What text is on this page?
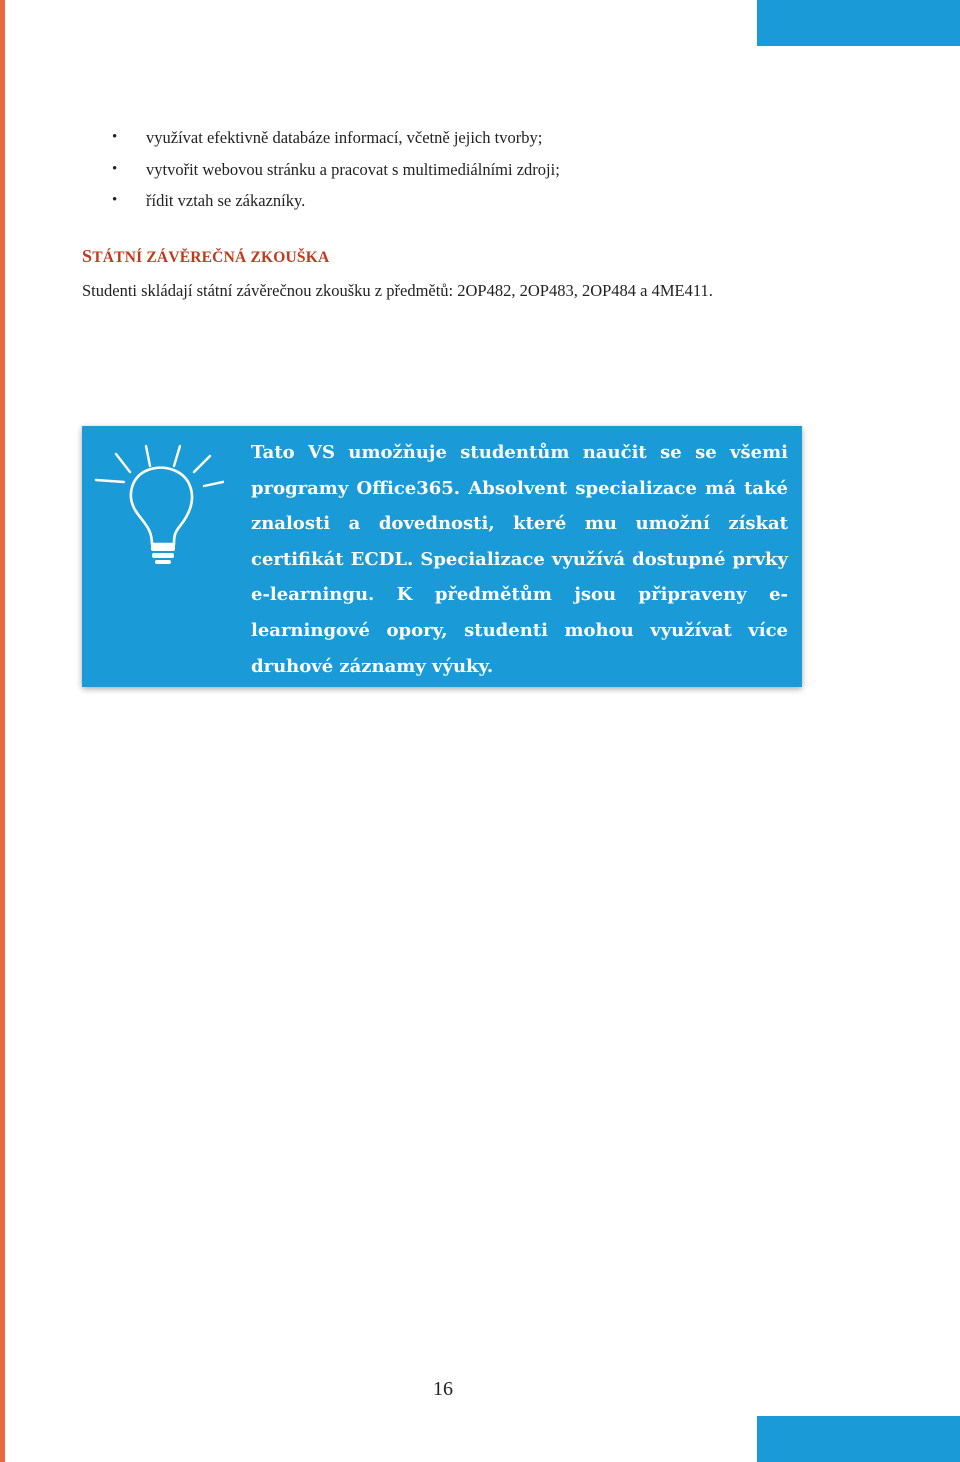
• využívat efektivně databáze informací, včetně jejich tvorby;
• vytvořit webovou stránku a pracovat s multimediálními zdroji;
• řídit vztah se zákazníky.
STÁTNÍ ZÁVĚREČNÁ ZKOUŠKA

Studenti skládají státní závěrečnou zkoušku z předmětů: 2OP482, 2OP483, 2OP484 a 4ME411.

Tato VS umožňuje studentům naučit se se všemi programy Office365. Absolvent specializace má také znalosti a dovednosti, které mu umožní získat certifikát ECDL. Specializace využívá dostupné prvky e-learningu. K předmětům jsou připraveny e-learningové opory, studenti mohou využívat více druhové záznamy výuky.

16
